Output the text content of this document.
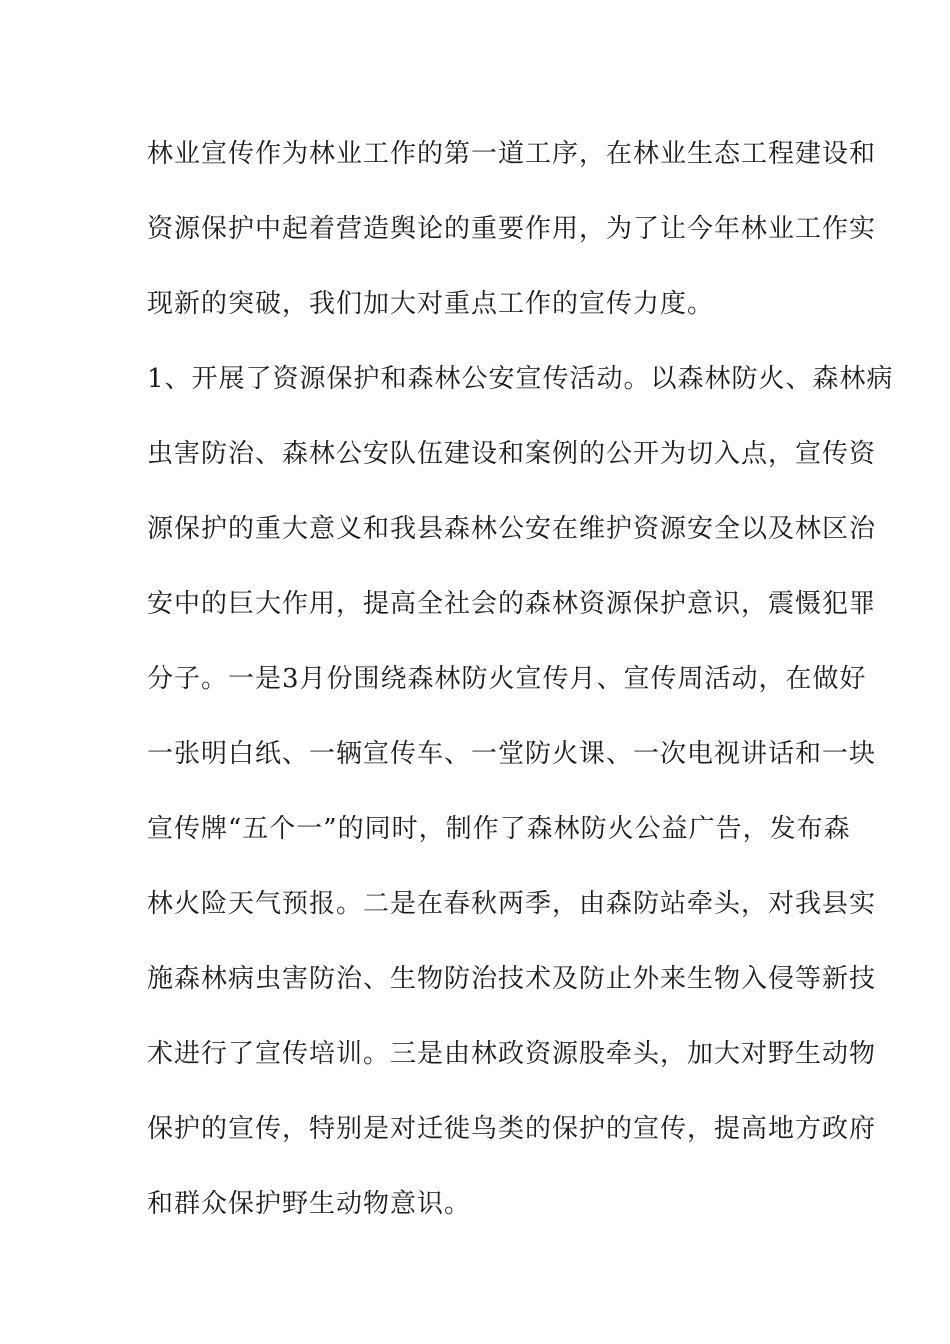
林业宣传作为林业工作的第一道工序，在林业生态工程建设和
资源保护中起着营造舆论的重要作用，为了让今年林业工作实
现新的突破，我们加大对重点工作的宣传力度。
1、开展了资源保护和森林公安宣传活动。以森林防火、森林病
虫害防治、森林公安队伍建设和案例的公开为切入点，宣传资
源保护的重大意义和我县森林公安在维护资源安全以及林区治
安中的巨大作用，提高全社会的森林资源保护意识，震慑犯罪
分子。一是3月份围绕森林防火宣传月、宣传周活动，在做好
一张明白纸、一辆宣传车、一堂防火课、一次电视讲话和一块
宣传牌“五个一”的同时，制作了森林防火公益广告，发布森
林火险天气预报。二是在春秋两季，由森防站牵头，对我县实
施森林病虫害防治、生物防治技术及防止外来生物入侵等新技
术进行了宣传培训。三是由林政资源股牵头，加大对野生动物
保护的宣传，特别是对迁徙鸟类的保护的宣传，提高地方政府
和群众保护野生动物意识。
